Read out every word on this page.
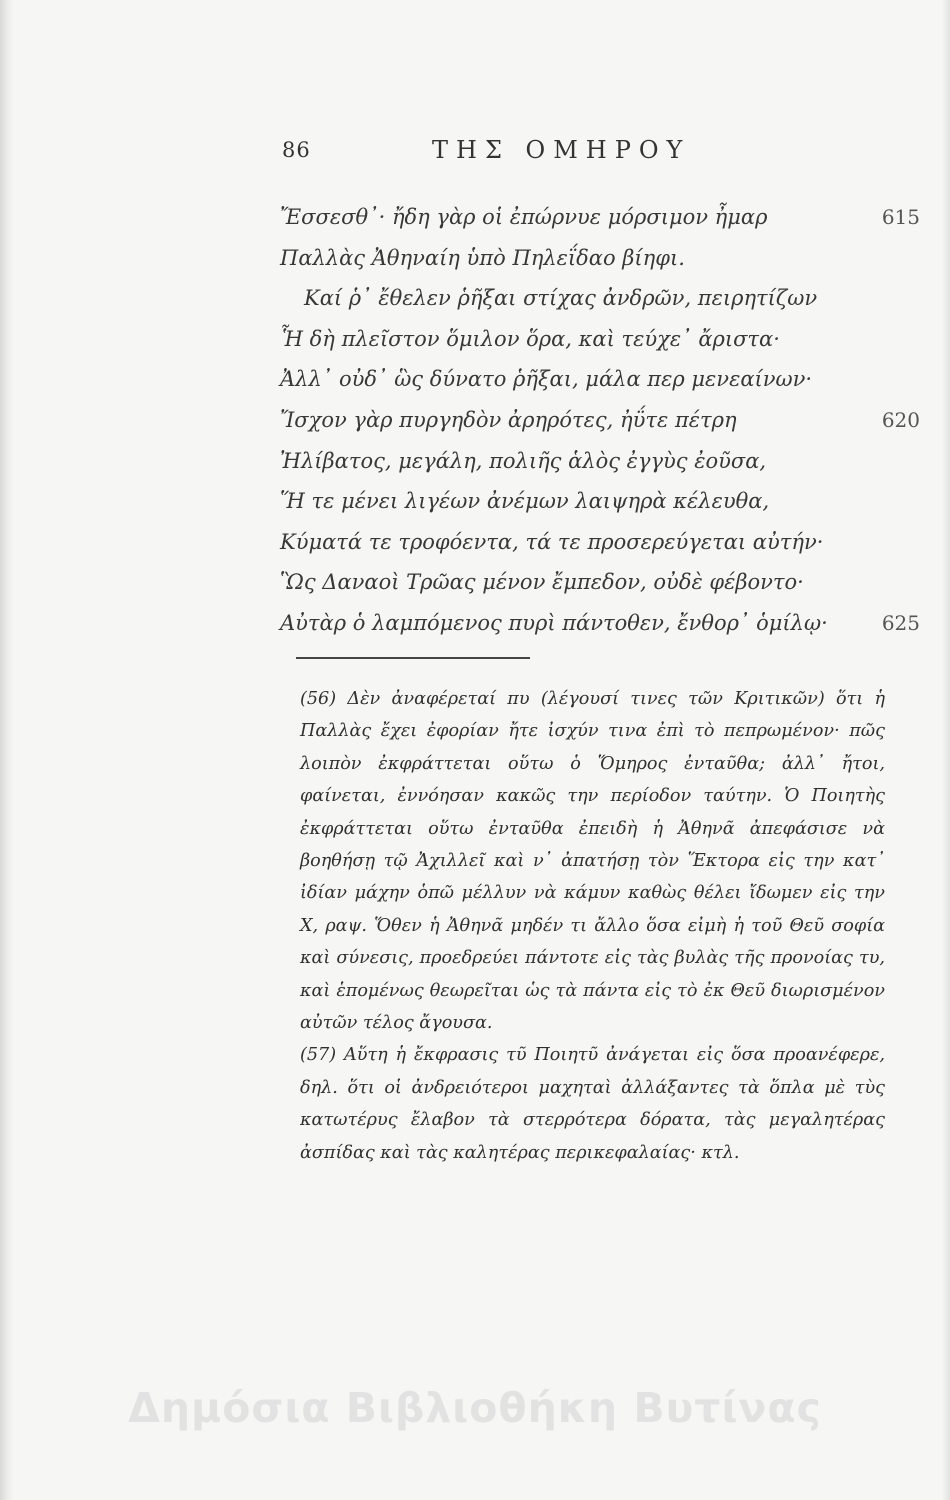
86	ΤΗΣ ΟΜΗΡΟΥ
Ἔσσεσθ᾽· ἤδη γὰρ οἱ ἐπώρνυε μόρσιμον ἦμαρ	615
Παλλὰς Ἀθηναίη ὑπὸ Πηλεΐδαο βίηφι.
Καί ῥ᾽ ἔθελεν ῥῆξαι στίχας ἀνδρῶν, πειρητίζων
Ἧ δὴ πλεῖστον ὅμιλον ὅρα, καὶ τεύχε᾽ ἄριστα·
Ἀλλ᾽ οὐδ᾽ ὣς δύνατο ῥῆξαι, μάλα περ μενεαίνων·
Ἴσχον γὰρ πυργηδὸν ἀρηρότες, ἠΰτε πέτρη	620
Ἠλίβατος, μεγάλη, πολιῆς ἁλὸς ἐγγὺς ἐοῦσα,
Ἥ τε μένει λιγέων ἀνέμων λαιψηρὰ κέλευθα,
Κύματά τε τροφόεντα, τά τε προσερεύγεται αὐτήν·
Ὣς Δαναοὶ Τρῶας μένον ἔμπεδον, οὐδὲ φέβοντο·
Αὐτὰρ ὁ λαμπόμενος πυρὶ πάντοθεν, ἔνθορ᾽ ὁμίλῳ·	625

(56) Δὲν ἀναφέρεταί πυ (λέγουσί τινες τῶν Κριτικῶν) ὅτι ἡ Παλλὰς ἔχει ἐφορίαν ἤτε ἰσχύν τινα ἐπὶ τὸ πεπρωμένον· πῶς λοιπὸν ἐκφράττεται οὕτω ὁ Ὅμηρος ἐνταῦθα; ἀλλ᾽ ἤτοι, φαίνεται, ἐννόησαν κακῶς την περίοδον ταύτην. Ὁ Ποιητὴς ἐκφράττεται οὕτω ἐνταῦθα ἐπειδὴ ἡ Ἀθηνᾶ ἀπεφάσισε νὰ βοηθήσῃ τῷ Ἀχιλλεῖ καὶ ν᾽ ἀπατήσῃ τὸν Ἕκτορα εἰς την κατ᾽ ἰδίαν μάχην ὁπῶ μέλλυν νὰ κάμυν καθὼς θέλει ἴδωμεν εἰς την Χ, ραψ. Ὅθεν ἡ Ἀθηνᾶ μηδέν τι ἄλλο ὅσα εἰμὴ ἡ τοῦ Θεῦ σοφία καὶ σύνεσις, προεδρεύει πάντοτε εἰς τὰς βυλὰς τῆς προνοίας τυ, καὶ ἑπομένως θεωρεῖται ὡς τὰ πάντα εἰς τὸ ἐκ Θεῦ διωρισμένον αὐτῶν τέλος ἄγουσα.

(57) Αὕτη ἡ ἔκφρασις τῦ Ποιητῦ ἀνάγεται εἰς ὅσα προανέφερε, δηλ. ὅτι οἱ ἀνδρειότεροι μαχηταὶ ἀλλάξαντες τὰ ὅπλα μὲ τὺς κατωτέρυς ἔλαβον τὰ στερρότερα δόρατα, τὰς μεγαλητέρας ἀσπίδας καὶ τὰς καλητέρας περικεφαλαίας· κτλ.

Δημόσια Βιβλιοθήκη Βυτίνας
